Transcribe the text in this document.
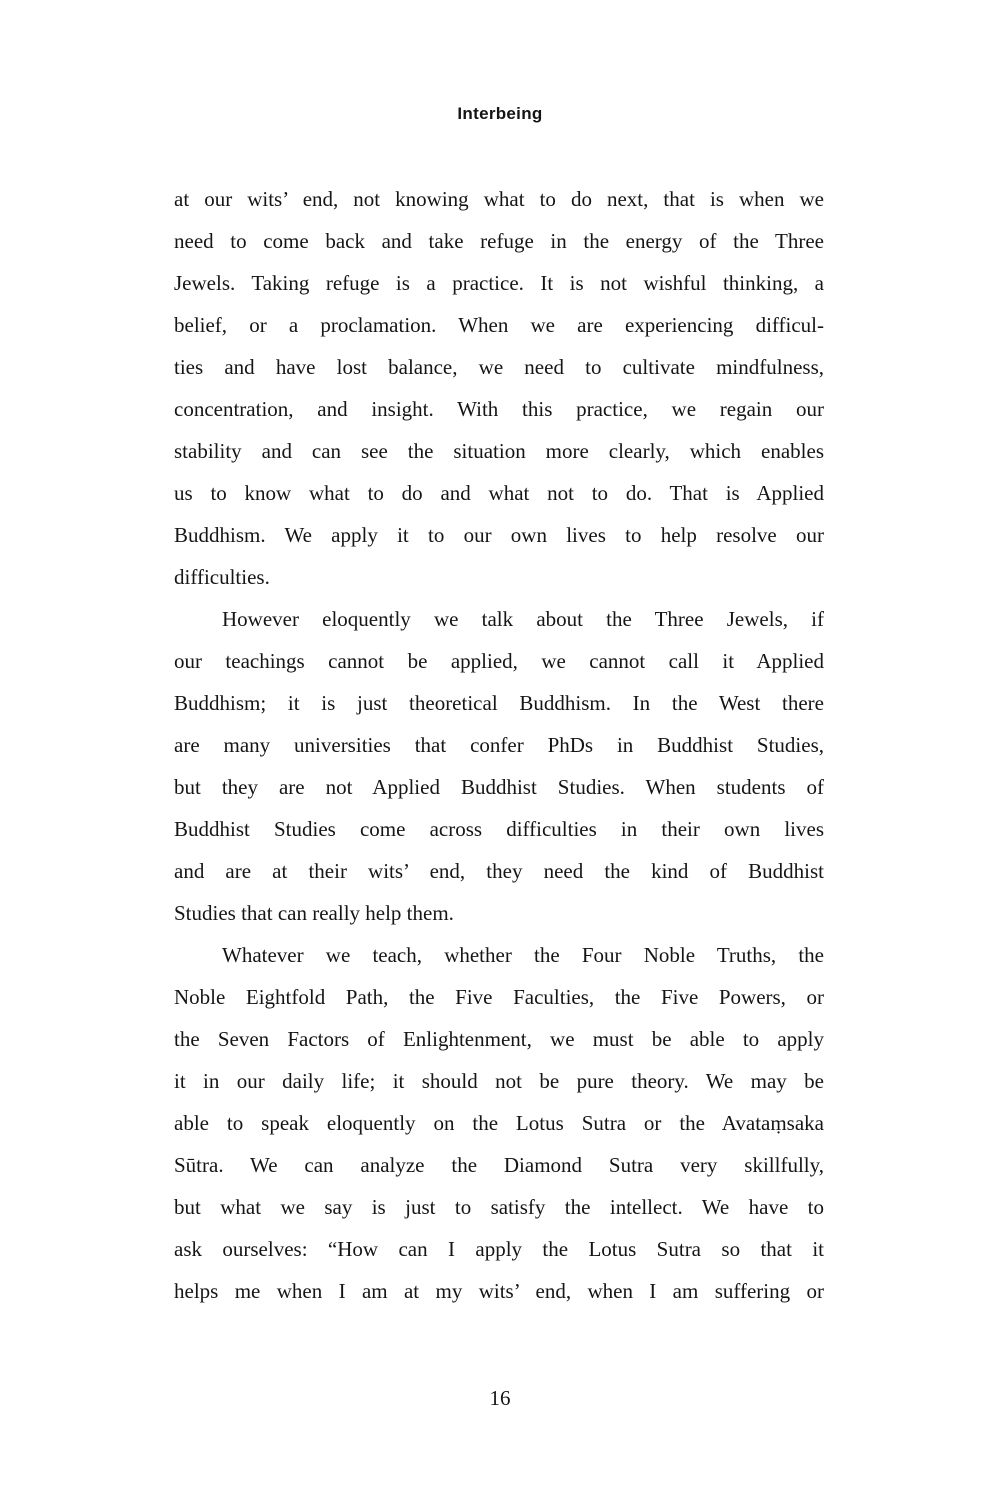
Interbeing
at our wits’ end, not knowing what to do next, that is when we
need to come back and take refuge in the energy of the Three
Jewels. Taking refuge is a practice. It is not wishful thinking, a
belief, or a proclamation. When we are experiencing difficul-
ties and have lost balance, we need to cultivate mindfulness,
concentration, and insight. With this practice, we regain our
stability and can see the situation more clearly, which enables
us to know what to do and what not to do. That is Applied
Buddhism. We apply it to our own lives to help resolve our
difficulties.
However eloquently we talk about the Three Jewels, if
our teachings cannot be applied, we cannot call it Applied
Buddhism; it is just theoretical Buddhism. In the West there
are many universities that confer PhDs in Buddhist Studies,
but they are not Applied Buddhist Studies. When students of
Buddhist Studies come across difficulties in their own lives
and are at their wits’ end, they need the kind of Buddhist
Studies that can really help them.
Whatever we teach, whether the Four Noble Truths, the
Noble Eightfold Path, the Five Faculties, the Five Powers, or
the Seven Factors of Enlightenment, we must be able to apply
it in our daily life; it should not be pure theory. We may be
able to speak eloquently on the Lotus Sutra or the Avataṃsaka
Sūtra. We can analyze the Diamond Sutra very skillfully,
but what we say is just to satisfy the intellect. We have to
ask ourselves: “How can I apply the Lotus Sutra so that it
helps me when I am at my wits’ end, when I am suffering or
16
